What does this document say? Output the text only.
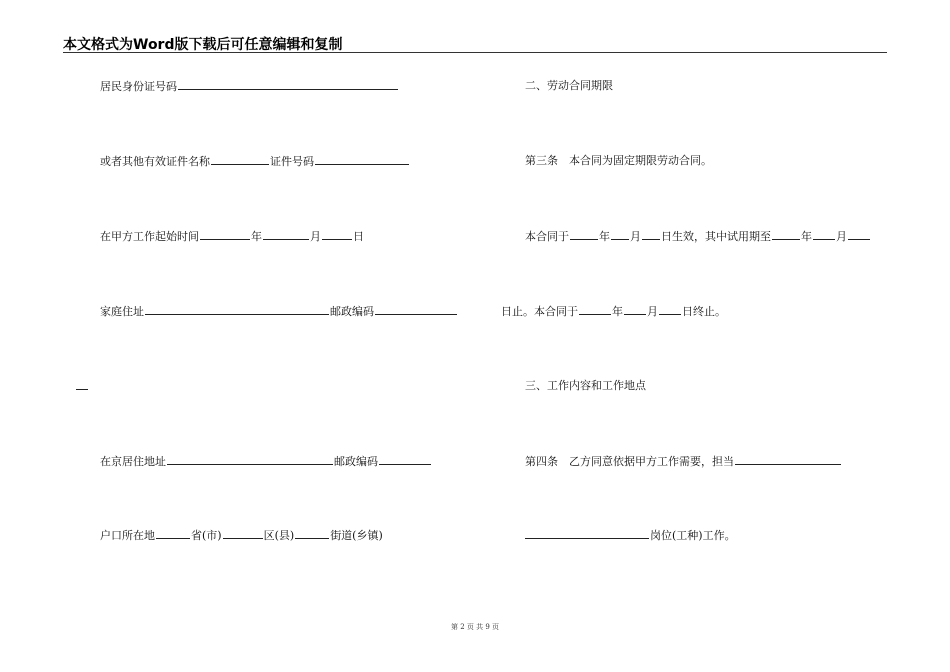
本文格式为Word版下载后可任意编辑和复制
居民身份证号码
或者其他有效证件名称	证件号码
在甲方工作起始时间	年	月	日
家庭住址	邮政编码
在京居住地址	邮政编码
户口所在地	省(市)	区(县)	街道(乡镇)
二、劳动合同期限
第三条　本合同为固定期限劳动合同。
本合同于	年 月 日生效，其中试用期至	年 月
日止。本合同于	年 月 日终止。
三、工作内容和工作地点
第四条　乙方同意依据甲方工作需要，担当
岗位(工种)工作。
第 2 页 共 9 页
